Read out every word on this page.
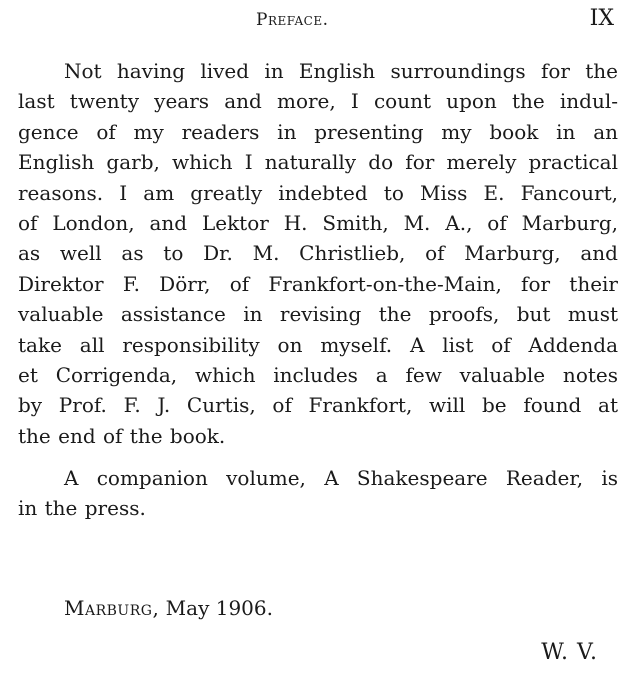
Preface.	IX
Not having lived in English surroundings for the
last twenty years and more, I count upon the indul-
gence of my readers in presenting my book in an
English garb, which I naturally do for merely practical
reasons. I am greatly indebted to Miss E. Fancourt,
of London, and Lektor H. Smith, M. A., of Marburg,
as well as to Dr. M. Christlieb, of Marburg, and
Direktor F. Dörr, of Frankfort-on-the-Main, for their
valuable assistance in revising the proofs, but must
take all responsibility on myself. A list of Addenda
et Corrigenda, which includes a few valuable notes
by Prof. F. J. Curtis, of Frankfort, will be found at
the end of the book.
A companion volume, A Shakespeare Reader, is
in the press.
Marburg, May 1906.
W. V.
